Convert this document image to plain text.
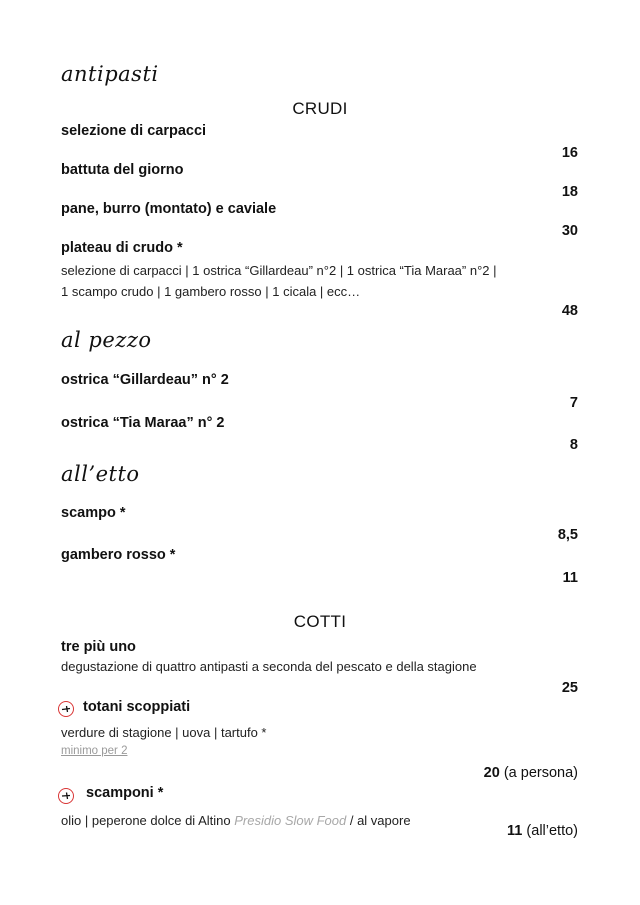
antipasti
CRUDI
selezione di carpacci
16
battuta del giorno
18
pane, burro (montato) e caviale
30
plateau di crudo *
selezione di carpacci | 1 ostrica “Gillardeau” n°2 | 1 ostrica “Tia Maraa” n°2 |
1 scampo crudo | 1 gambero rosso | 1 cicala | ecc…
48
al pezzo
ostrica “Gillardeau” n° 2
7
ostrica “Tia Maraa” n° 2
8
all’etto
scampo *
8,5
gambero rosso *
11
COTTI
tre più uno
degustazione di quattro antipasti a seconda del pescato e della stagione
25
totani scoppiati
verdure di stagione | uova | tartufo *
minimo per 2
20 (a persona)
scamponi *
olio | peperone dolce di Altino Presidio Slow Food / al vapore
11 (all’etto)
